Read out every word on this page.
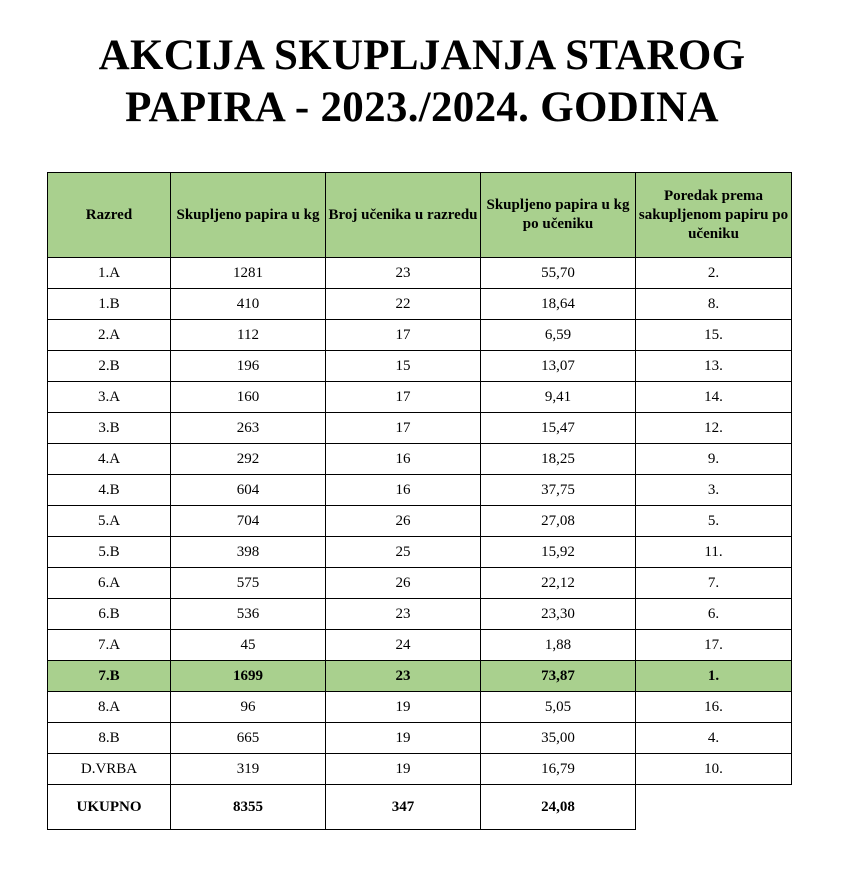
AKCIJA SKUPLJANJA STAROG
PAPIRA - 2023./2024. GODINA
Razred	Skupljeno papira u kg	Broj učenika u razredu	Skupljeno papira u kg po učeniku	Poredak prema sakupljenom papiru po učeniku
1.A	1281	23	55,70	2.
1.B	410	22	18,64	8.
2.A	112	17	6,59	15.
2.B	196	15	13,07	13.
3.A	160	17	9,41	14.
3.B	263	17	15,47	12.
4.A	292	16	18,25	9.
4.B	604	16	37,75	3.
5.A	704	26	27,08	5.
5.B	398	25	15,92	11.
6.A	575	26	22,12	7.
6.B	536	23	23,30	6.
7.A	45	24	1,88	17.
7.B	1699	23	73,87	1.
8.A	96	19	5,05	16.
8.B	665	19	35,00	4.
D.VRBA	319	19	16,79	10.
UKUPNO	8355	347	24,08	
